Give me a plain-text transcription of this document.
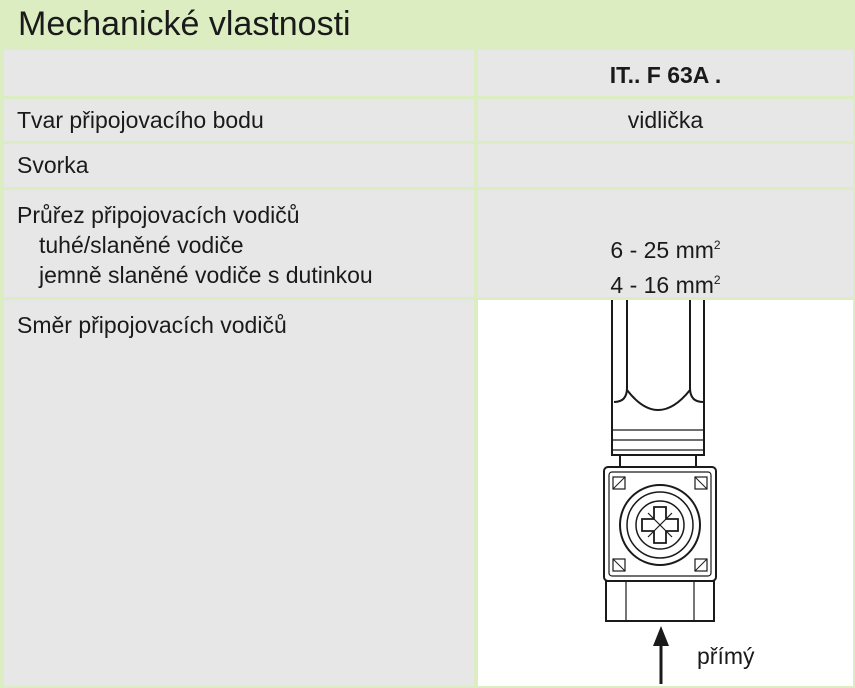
Mechanické vlastnosti
IT.. F 63A .
Tvar připojovacího bodu	vidlička
Svorka
Průřez připojovacích vodičů
tuhé/slaněné vodiče
jemně slaněné vodiče s dutinkou
6 - 25 $mm^2$
4 - 16 $mm^2$
Směr připojovacích vodičů
přímý
